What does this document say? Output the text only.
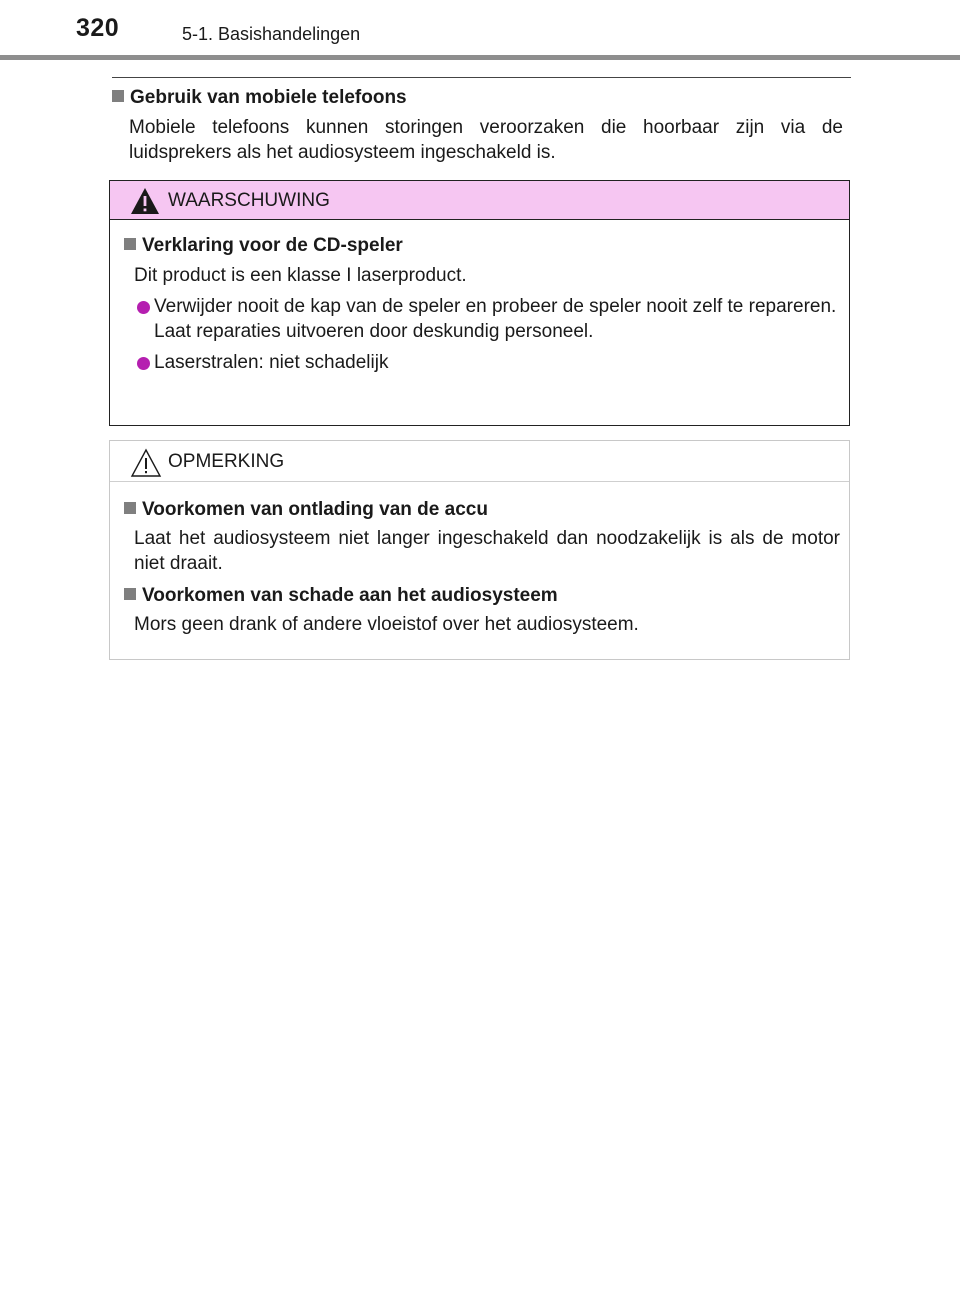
320	5-1. Basishandelingen
Gebruik van mobiele telefoons
Mobiele telefoons kunnen storingen veroorzaken die hoorbaar zijn via de luidsprekers als het audiosysteem ingeschakeld is.
WAARSCHUWING
Verklaring voor de CD-speler
Dit product is een klasse I laserproduct.
Verwijder nooit de kap van de speler en probeer de speler nooit zelf te repareren.
Laat reparaties uitvoeren door deskundig personeel.
Laserstralen: niet schadelijk
OPMERKING
Voorkomen van ontlading van de accu
Laat het audiosysteem niet langer ingeschakeld dan noodzakelijk is als de motor niet draait.
Voorkomen van schade aan het audiosysteem
Mors geen drank of andere vloeistof over het audiosysteem.
